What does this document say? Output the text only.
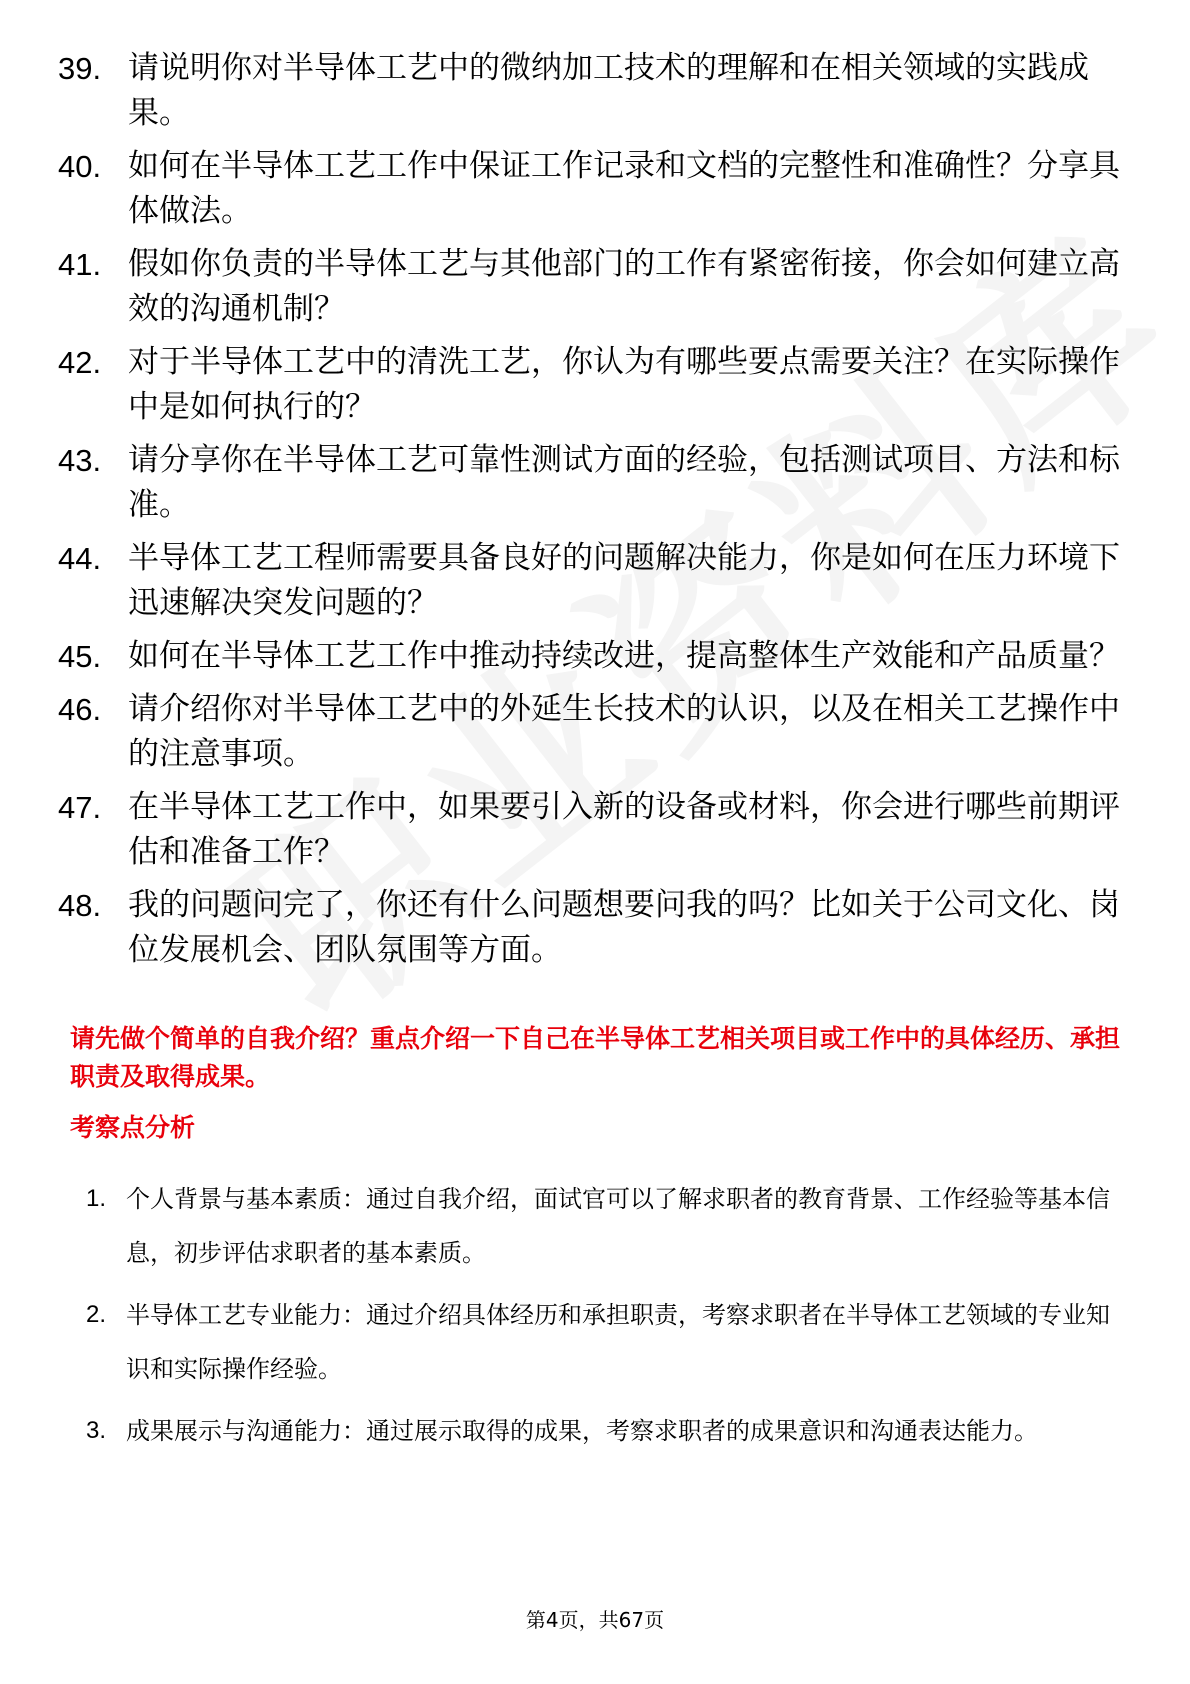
39. 请说明你对半导体工艺中的微纳加工技术的理解和在相关领域的实践成果。
40. 如何在半导体工艺工作中保证工作记录和文档的完整性和准确性？分享具体做法。
41. 假如你负责的半导体工艺与其他部门的工作有紧密衔接，你会如何建立高效的沟通机制？
42. 对于半导体工艺中的清洗工艺，你认为有哪些要点需要关注？在实际操作中是如何执行的？
43. 请分享你在半导体工艺可靠性测试方面的经验，包括测试项目、方法和标准。
44. 半导体工艺工程师需要具备良好的问题解决能力，你是如何在压力环境下迅速解决突发问题的？
45. 如何在半导体工艺工作中推动持续改进，提高整体生产效能和产品质量？
46. 请介绍你对半导体工艺中的外延生长技术的认识，以及在相关工艺操作中的注意事项。
47. 在半导体工艺工作中，如果要引入新的设备或材料，你会进行哪些前期评估和准备工作？
48. 我的问题问完了，你还有什么问题想要问我的吗？比如关于公司文化、岗位发展机会、团队氛围等方面。
请先做个简单的自我介绍？重点介绍一下自己在半导体工艺相关项目或工作中的具体经历、承担职责及取得成果。
考察点分析
1. 个人背景与基本素质：通过自我介绍，面试官可以了解求职者的教育背景、工作经验等基本信息，初步评估求职者的基本素质。
2. 半导体工艺专业能力：通过介绍具体经历和承担职责，考察求职者在半导体工艺领域的专业知识和实际操作经验。
3. 成果展示与沟通能力：通过展示取得的成果，考察求职者的成果意识和沟通表达能力。
第4页，共67页
